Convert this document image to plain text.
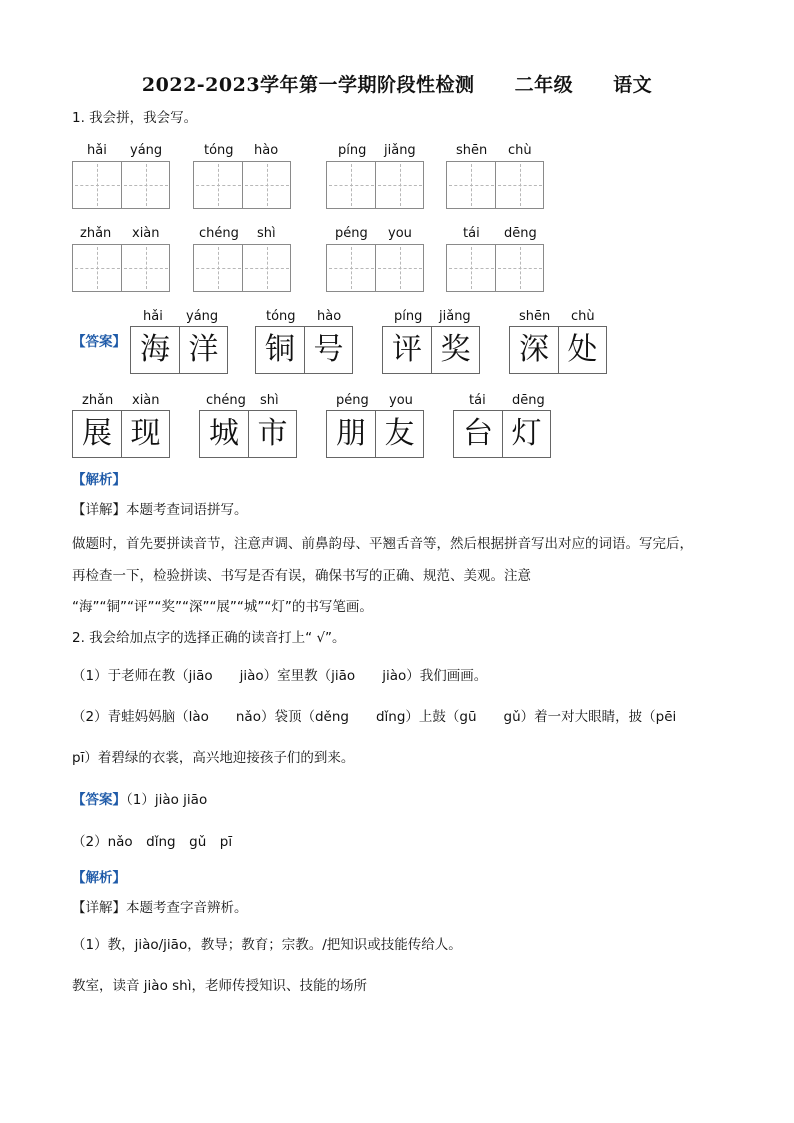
2022-2023学年第一学期阶段性检测 二年级 语文
1. 我会拼，我会写。
hǎi yáng	tóng hào	píng jiǎng	shēn chù
zhǎn xiàn	chéng shì	péng you	tái dēng
【答案】
hǎi yáng
海 洋
tóng hào
铜 号
píng jiǎng
评 奖
shēn chù
深 处
zhǎn xiàn
展 现
chéng shì
城 市
péng you
朋 友
tái dēng
台 灯
【解析】
【详解】本题考查词语拼写。
做题时，首先要拼读音节，注意声调、前鼻韵母、平翘舌音等，然后根据拼音写出对应的词语。写完后，
再检查一下，检验拼读、书写是否有误，确保书写的正确、规范、美观。注意
“海”“铜”“评”“奖”“深”“展”“城”“灯”的书写笔画。
2. 我会给加点字的选择正确的读音打上“ √”。
（1）于老师在教（jiāo　　jiào）室里教（jiāo　　jiào）我们画画。
（2）青蛙妈妈脑（lào　　nǎo）袋顶（děng　　dǐng）上鼓（gū　　gǔ）着一对大眼睛，披（pēi
pī）着碧绿的衣裳，高兴地迎接孩子们的到来。
【答案】（1）jiào jiāo
（2）nǎo　dǐng　gǔ　pī
【解析】
【详解】本题考查字音辨析。
（1）教，jiào/jiāo，教导；教育；宗教。/把知识或技能传给人。
教室，读音 jiào shì，老师传授知识、技能的场所
